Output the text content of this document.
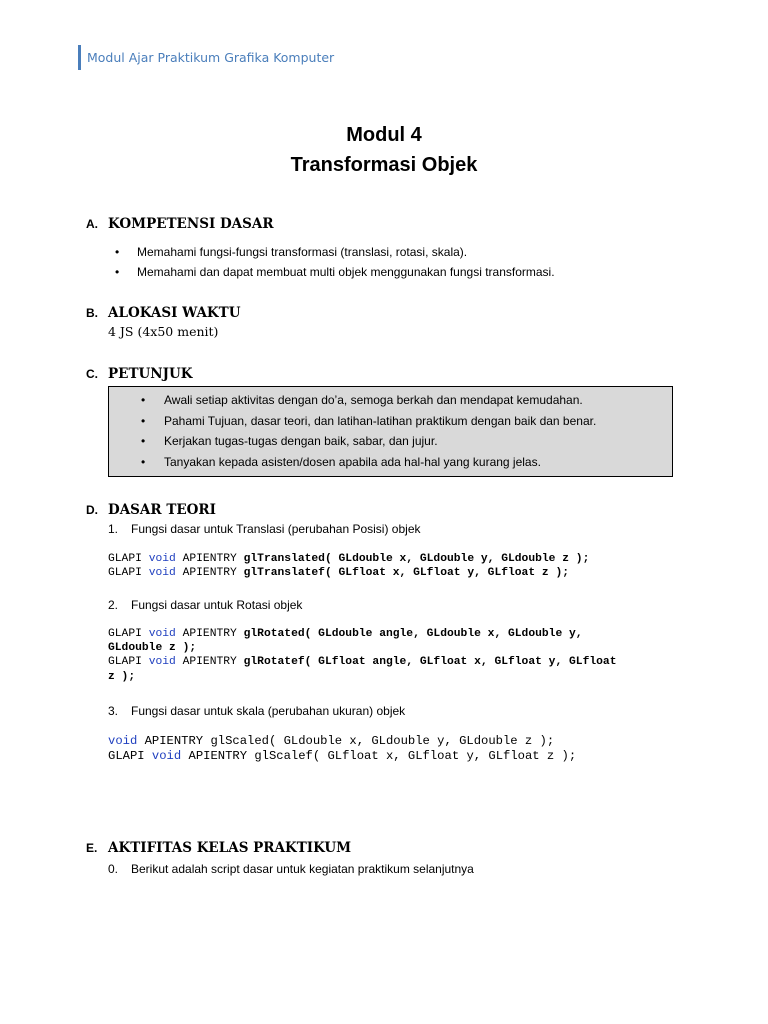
Modul Ajar Praktikum Grafika Komputer
Modul 4
Transformasi Objek
A. KOMPETENSI DASAR
• Memahami fungsi-fungsi transformasi (translasi, rotasi, skala).
• Memahami dan dapat membuat multi objek menggunakan fungsi transformasi.
B. ALOKASI WAKTU
4 JS (4x50 menit)
C. PETUNJUK
• Awali setiap aktivitas dengan do’a, semoga berkah dan mendapat kemudahan.
• Pahami Tujuan, dasar teori, dan latihan-latihan praktikum dengan baik dan benar.
• Kerjakan tugas-tugas dengan baik, sabar, dan jujur.
• Tanyakan kepada asisten/dosen apabila ada hal-hal yang kurang jelas.
D. DASAR TEORI
1. Fungsi dasar untuk Translasi (perubahan Posisi) objek
GLAPI void APIENTRY glTranslated( GLdouble x, GLdouble y, GLdouble z );
GLAPI void APIENTRY glTranslatef( GLfloat x, GLfloat y, GLfloat z );
2. Fungsi dasar untuk Rotasi objek
GLAPI void APIENTRY glRotated( GLdouble angle, GLdouble x, GLdouble y,
GLdouble z );
GLAPI void APIENTRY glRotatef( GLfloat angle, GLfloat x, GLfloat y, GLfloat
z );
3. Fungsi dasar untuk skala (perubahan ukuran) objek
void APIENTRY glScaled( GLdouble x, GLdouble y, GLdouble z );
GLAPI void APIENTRY glScalef( GLfloat x, GLfloat y, GLfloat z );
E. AKTIFITAS KELAS PRAKTIKUM
0. Berikut adalah script dasar untuk kegiatan praktikum selanjutnya
